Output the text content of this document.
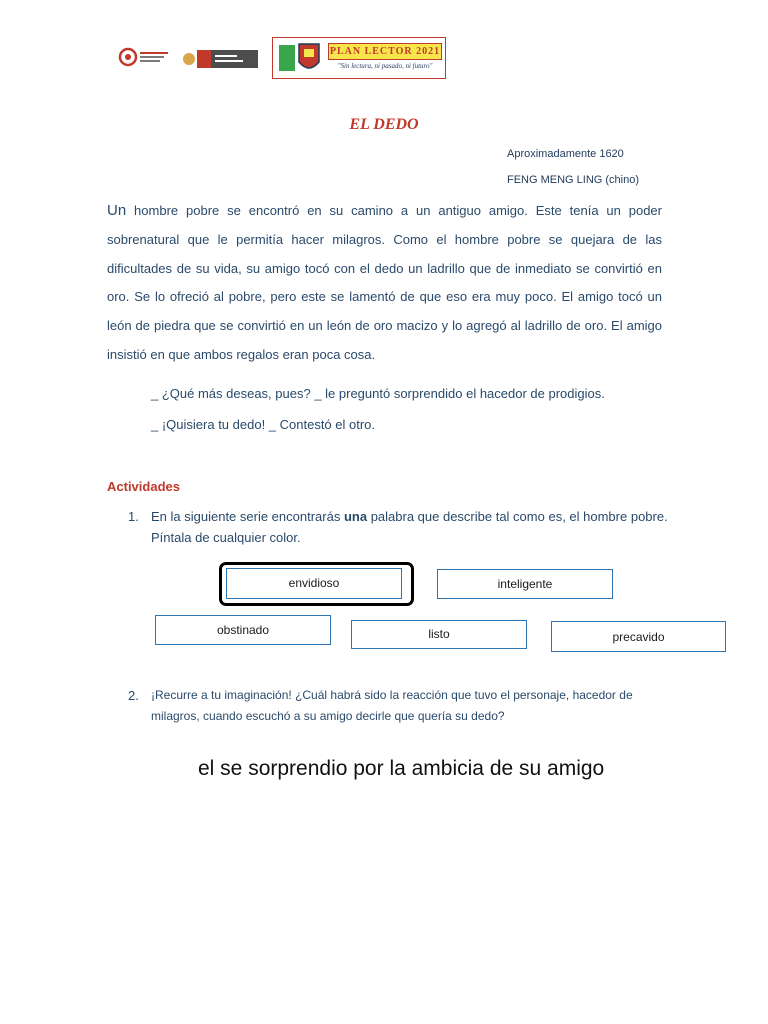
PLAN LECTOR 2021
"Sin lectura, ni pasado, ni futuro"
EL DEDO
Aproximadamente 1620
FENG MENG LING (chino)
Un hombre pobre se encontró en su camino a un antiguo amigo. Este tenía un poder sobrenatural que le permitía hacer milagros. Como el hombre pobre se quejara de las dificultades de su vida, su amigo tocó con el dedo un ladrillo que de inmediato se convirtió en oro. Se lo ofreció al pobre, pero este se lamentó de que eso era muy poco. El amigo tocó un león de piedra que se convirtió en un león de oro macizo y lo agregó al ladrillo de oro. El amigo insistió en que ambos regalos eran poca cosa.
_ ¿Qué más deseas, pues? _ le preguntó sorprendido el hacedor de prodigios.
_ ¡Quisiera tu dedo! _ Contestó el otro.
Actividades
1. En la siguiente serie encontrarás una palabra que describe tal como es, el hombre pobre. Píntala de cualquier color.
envidioso	inteligente
obstinado	listo	precavido
2. ¡Recurre a tu imaginación! ¿Cuál habrá sido la reacción que tuvo el personaje, hacedor de milagros, cuando escuchó a su amigo decirle que quería su dedo?
el se sorprendio por la ambicia de su amigo
